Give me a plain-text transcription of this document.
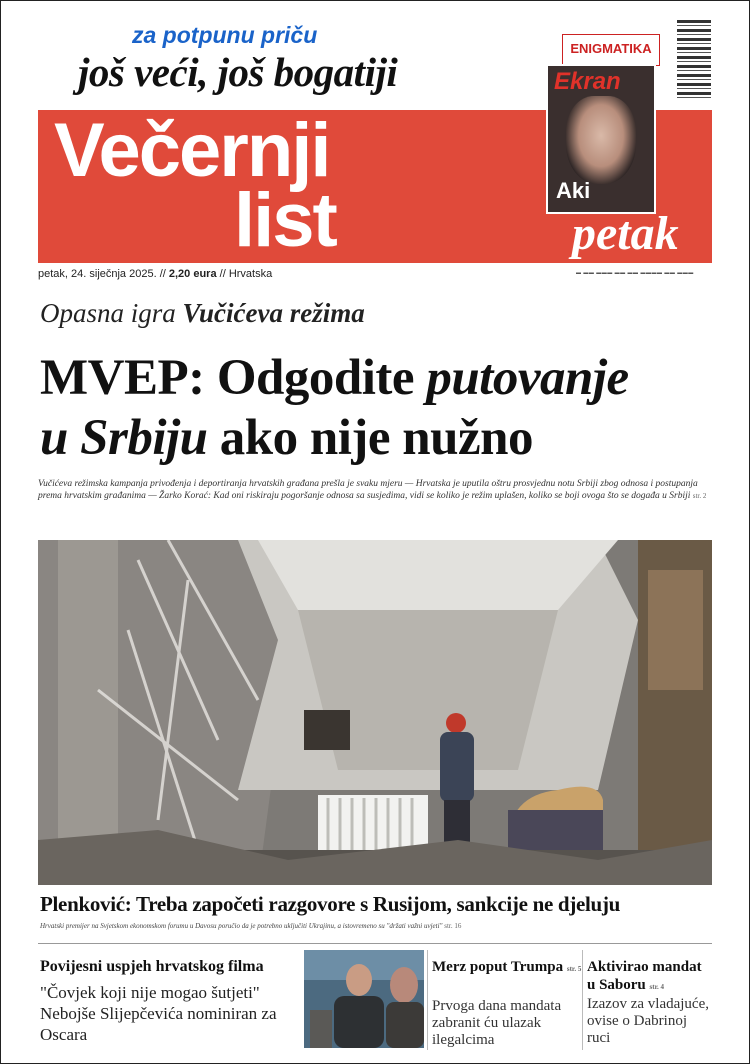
za potpunu priču
još veći, još bogatiji
Večernji
list
ENIGMATIKA
Ekran
Aki
petak
petak, 24. siječnja 2025. // 2,20 eura // Hrvatska	▬ ▬▬ ▬▬▬ ▬▬ ▬▬ ▬▬▬▬ ▬▬ ▬▬▬
Opasna igra Vučićeva režima
MVEP: Odgodite putovanje
u Srbiju ako nije nužno
Vučićeva režimska kampanja privođenja i deportiranja hrvatskih građana prešla je svaku mjeru — Hrvatska je uputila oštru prosvjednu notu Srbiji zbog odnosa i postupanja prema hrvatskim građanima — Žarko Korać: Kad oni riskiraju pogoršanje odnosa sa susjedima, vidi se koliko je režim uplašen, koliko se boji ovoga što se događa u Srbiji str. 2
Plenković: Treba započeti razgovore s Rusijom, sankcije ne djeluju
Hrvatski premijer na Svjetskom ekonomskom forumu u Davosu poručio da je potrebno uključiti Ukrajinu, a istovremeno su "držati važni uvjeti" str. 16
Povijesni uspjeh hrvatskog filma
"Čovjek koji nije mogao šutjeti" Nebojše Slijepčevića nominiran za Oscara
Merz poput Trumpa str. 5
Prvoga dana mandata zabranit ću ulazak ilegalcima
Aktivirao mandat u Saboru str. 4
Izazov za vladajuće, ovise o Dabrinoj ruci
